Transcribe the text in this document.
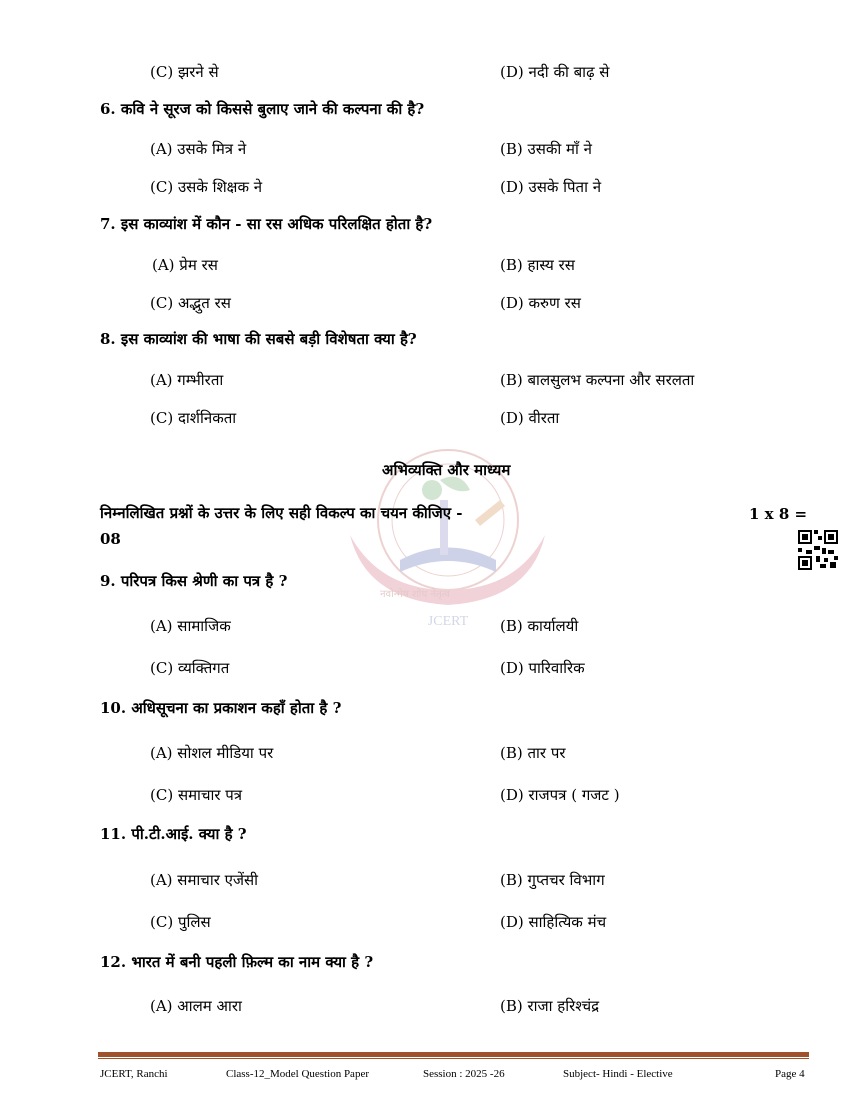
(C) झरने से	(D) नदी की बाढ़ से
6. कवि ने सूरज को किससे बुलाए जाने की कल्पना की है?
(A) उसके मित्र ने	(B) उसकी माँ ने
(C) उसके शिक्षक ने	(D) उसके पिता ने
7. इस काव्यांश में कौन - सा रस अधिक परिलक्षित होता है?
(A) प्रेम रस	(B) हास्य रस
(C) अद्भुत रस	(D) करुण रस
8. इस काव्यांश की भाषा की सबसे बड़ी विशेषता क्या है?
(A) गम्भीरता	(B) बालसुलभ कल्पना और सरलता
(C) दार्शनिकता	(D) वीरता
JCERT
नवोन्मेष शोध नेतृत्व
अभिव्यक्ति और माध्यम
निम्नलिखित प्रश्नों के उत्तर के लिए सही विकल्प का चयन कीजिए -
08
1 x 8 =
9. परिपत्र किस श्रेणी का पत्र है ?
(A) सामाजिक	(B) कार्यालयी
(C) व्यक्तिगत	(D) पारिवारिक
10. अधिसूचना का प्रकाशन कहाँ होता है ?
(A) सोशल मीडिया पर	(B) तार पर
(C) समाचार पत्र	(D) राजपत्र ( गजट )
11. पी.टी.आई. क्या है ?
(A) समाचार एजेंसी	(B) गुप्तचर विभाग
(C) पुलिस	(D) साहित्यिक मंच
12. भारत में बनी पहली फ़िल्म का नाम क्या है ?
(A) आलम आरा	(B) राजा हरिश्चंद्र
JCERT, Ranchi	Class-12_Model Question Paper	Session : 2025 -26	Subject- Hindi - Elective	Page 4
